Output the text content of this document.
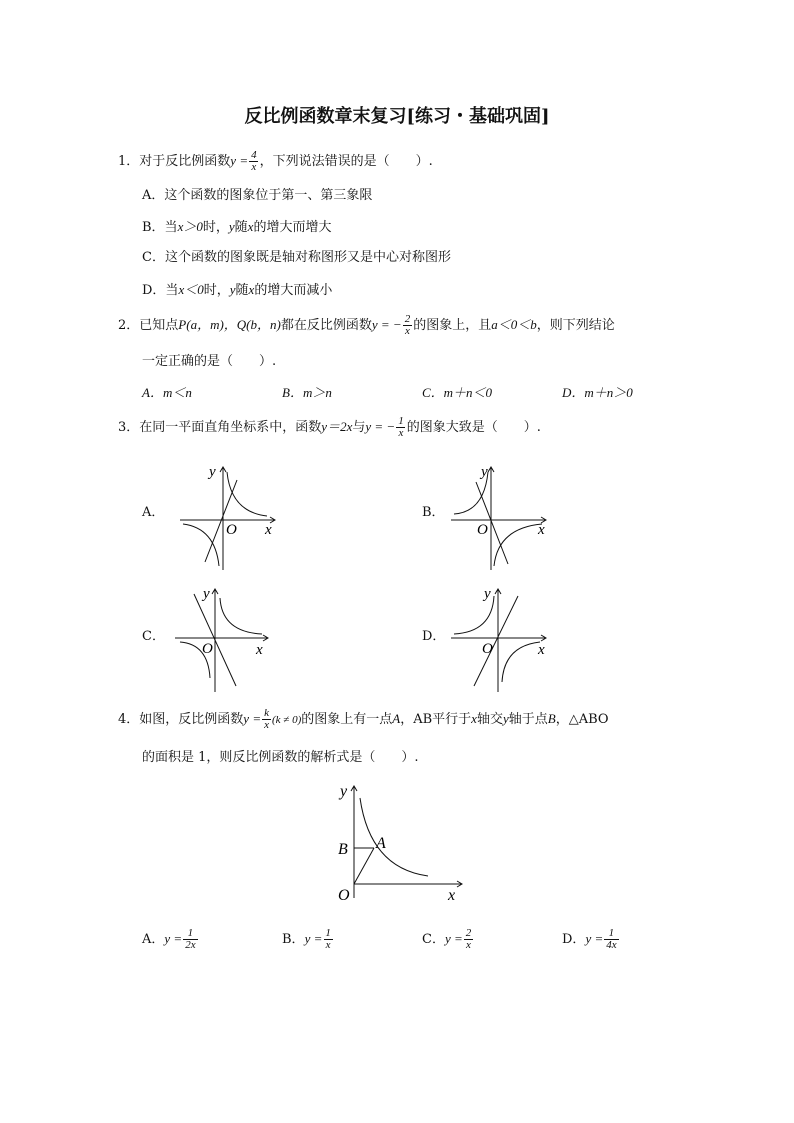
反比例函数章末复习[练习・基础巩固]
1．对于反比例函数$y = \frac{4}{x}$ ，下列说法错误的是（　　）.
A．这个函数的图象位于第一、第三象限
B．当x＞0时，y随x的增大而增大
C．这个函数的图象既是轴对称图形又是中心对称图形
D．当x＜0时，y随x的增大而减小
2．已知点P(a，m)，Q(b，n)都在反比例函数y = − $\frac{2}{x}$ 的图象上，且a＜0＜b，则下列结论
一定正确的是（　　）.
A．m＜n	B．m＞n	C．m＋n＜0	D．m＋n＞0
3．在同一平面直角坐标系中，函数y＝2x与y = − $\frac{1}{x}$ 的图象大致是（　　）.
A．	B．
C．	D．
y
O x
y
O	x
y
O	x
y
O	x
4．如图，反比例函数$y = \frac{k}{x} (k \ne 0)$的图象上有一点A，AB平行于x轴交y轴于点B，△ABO
的面积是 1，则反比例函数的解析式是（　　）.
y
B A
O	x
A．$y = \frac{1}{2x}$	B．$y = \frac{1}{x}$	C．$y = \frac{2}{x}$	D．$y = \frac{1}{4x}$
